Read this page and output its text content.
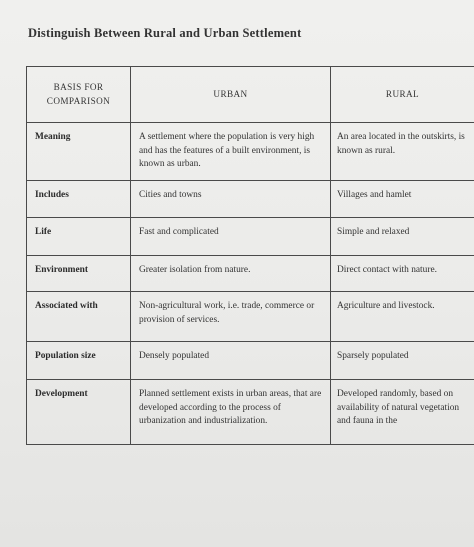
Distinguish Between Rural and Urban Settlement
BASIS FOR COMPARISON	URBAN	RURAL
Meaning	A settlement where the population is very high and has the features of a built environment, is known as urban.	An area located in the outskirts, is known as rural.
Includes	Cities and towns	Villages and hamlet
Life	Fast and complicated	Simple and relaxed
Environment	Greater isolation from nature.	Direct contact with nature.
Associated with	Non-agricultural work, i.e. trade, commerce or provision of services.	Agriculture and livestock.
Population size	Densely populated	Sparsely populated
Development	Planned settlement exists in urban areas, that are developed according to the process of urbanization and industrialization.	Developed randomly, based on availability of natural vegetation and fauna in the
